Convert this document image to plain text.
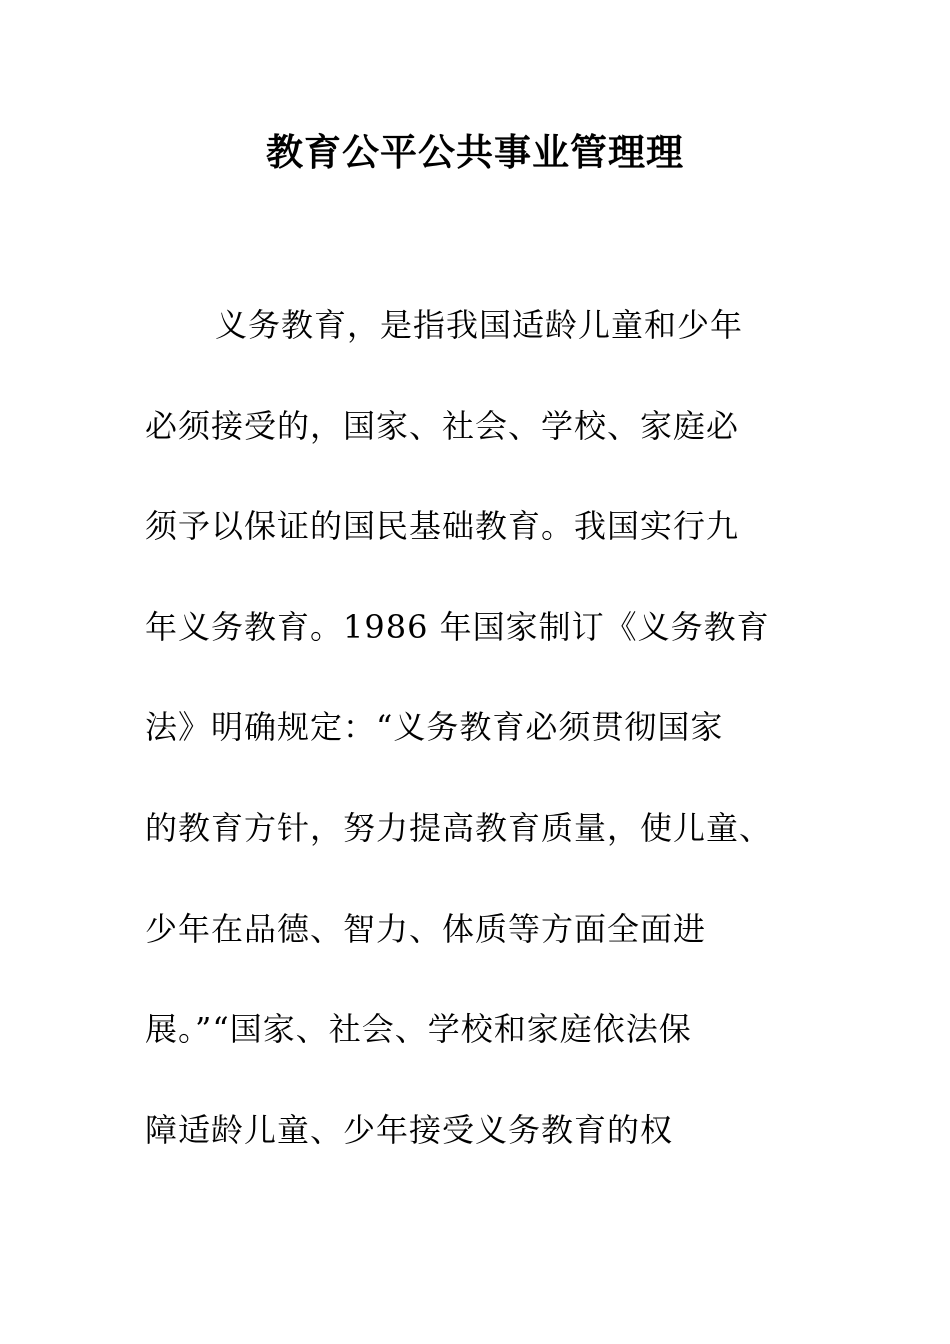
教育公平公共事业管理理
义务教育，是指我国适龄儿童和少年
必须接受的，国家、社会、学校、家庭必
须予以保证的国民基础教育。我国实行九
年义务教育。1986 年国家制订《义务教育
法》明确规定：“义务教育必须贯彻国家
的教育方针，努力提高教育质量，使儿童、
少年在品德、智力、体质等方面全面进
展。”“国家、社会、学校和家庭依法保
障适龄儿童、少年接受义务教育的权
